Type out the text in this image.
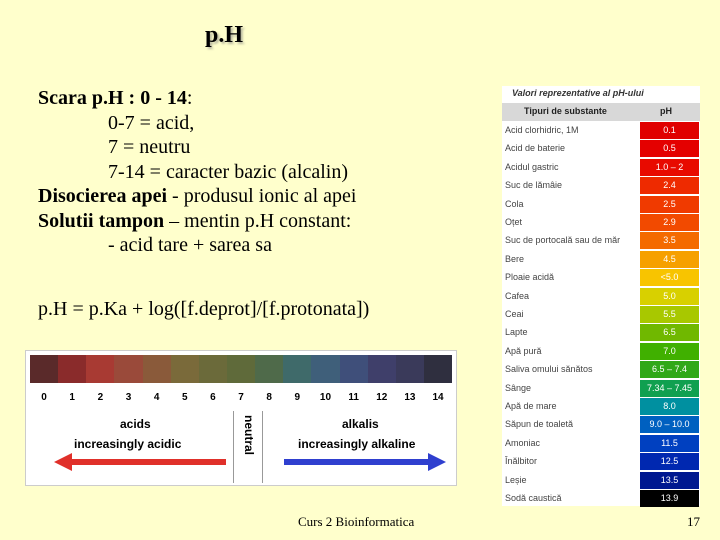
p.H
Scara p.H : 0 - 14:
0-7 = acid,
7 = neutru
7-14 = caracter bazic (alcalin)
Disocierea apei - produsul ionic al apei
Solutii tampon – mentin p.H constant:
- acid tare + sarea sa
p.H = p.Ka + log([f.deprot]/[f.protonata])
0	1	2	3	4	5	6	7	8	9	10	11	12	13	14
neutral
acids
increasingly acidic
alkalis
increasingly alkaline
Valori reprezentative al pH-ului
Tipuri de substante	pH
Acid clorhidric, 1M	0.1
Acid de baterie	0.5
Acidul gastric	1.0 – 2
Suc de lămâie	2.4
Cola	2.5
Oțet	2.9
Suc de portocală sau de măr	3.5
Bere	4.5
Ploaie acidă	<5.0
Cafea	5.0
Ceai	5.5
Lapte	6.5
Apă pură	7.0
Saliva omului sănătos	6.5 – 7.4
Sânge	7.34 – 7.45
Apă de mare	8.0
Săpun de toaletă	9.0 – 10.0
Amoniac	11.5
Înălbitor	12.5
Leșie	13.5
Sodă caustică	13.9
Curs 2 Bioinformatica	17
